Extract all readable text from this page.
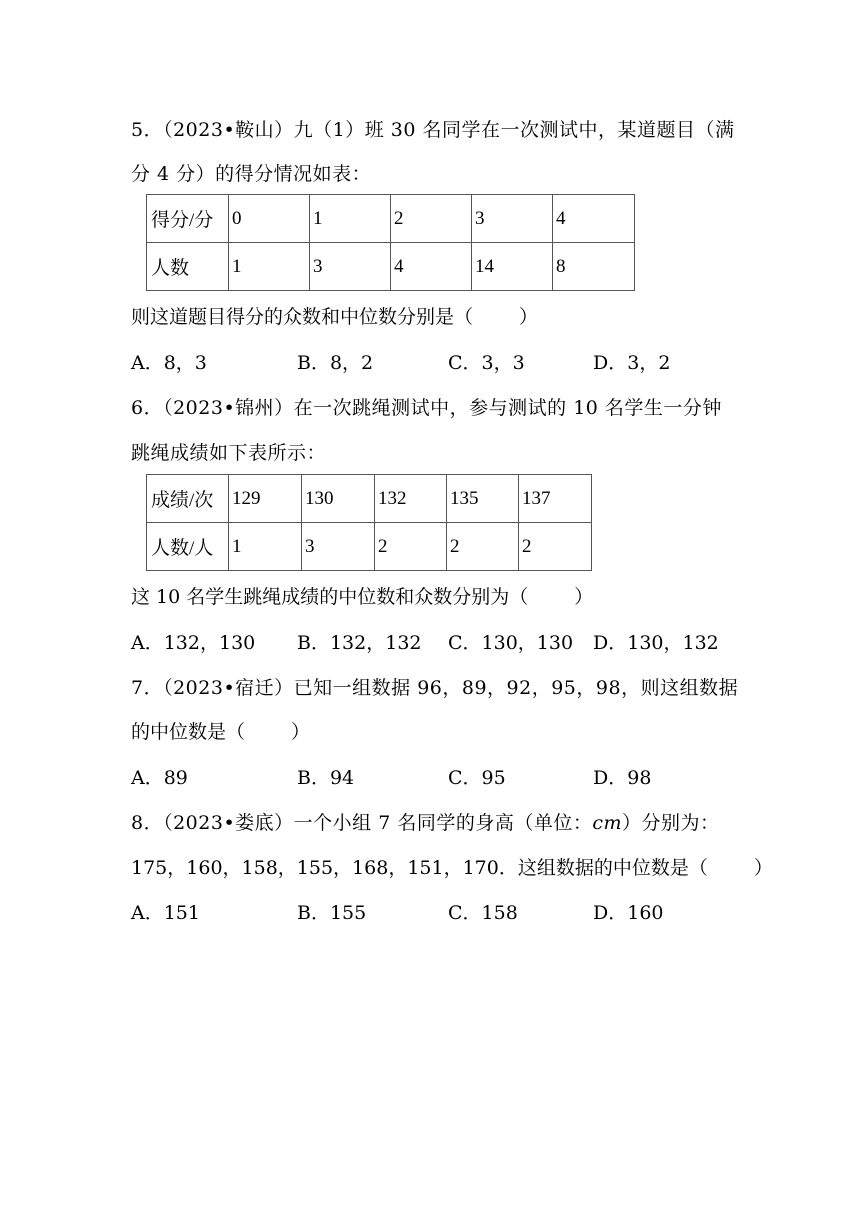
5．（2023•鞍山）九（1）班 30 名同学在一次测试中，某道题目（满
分 4 分）的得分情况如表：
得分/分	0	1	2	3	4
人数	1	3	4	14	8
则这道题目得分的众数和中位数分别是（ ）
A．8，3	B．8，2	C．3，3	D．3，2
6．（2023•锦州）在一次跳绳测试中，参与测试的 10 名学生一分钟
跳绳成绩如下表所示：
成绩/次	129	130	132	135	137
人数/人	1	3	2	2	2
这 10 名学生跳绳成绩的中位数和众数分别为（ ）
A．132，130 B．132，132 C．130，130 D．130，132
7．（2023•宿迁）已知一组数据 96，89，92，95，98，则这组数据
的中位数是（ ）
A．89	B．94	C．95	D．98
8．（2023•娄底）一个小组 7 名同学的身高（单位：cm）分别为：
175，160，158，155，168，151，170．这组数据的中位数是（ ）
A．151	B．155	C．158	D．160
